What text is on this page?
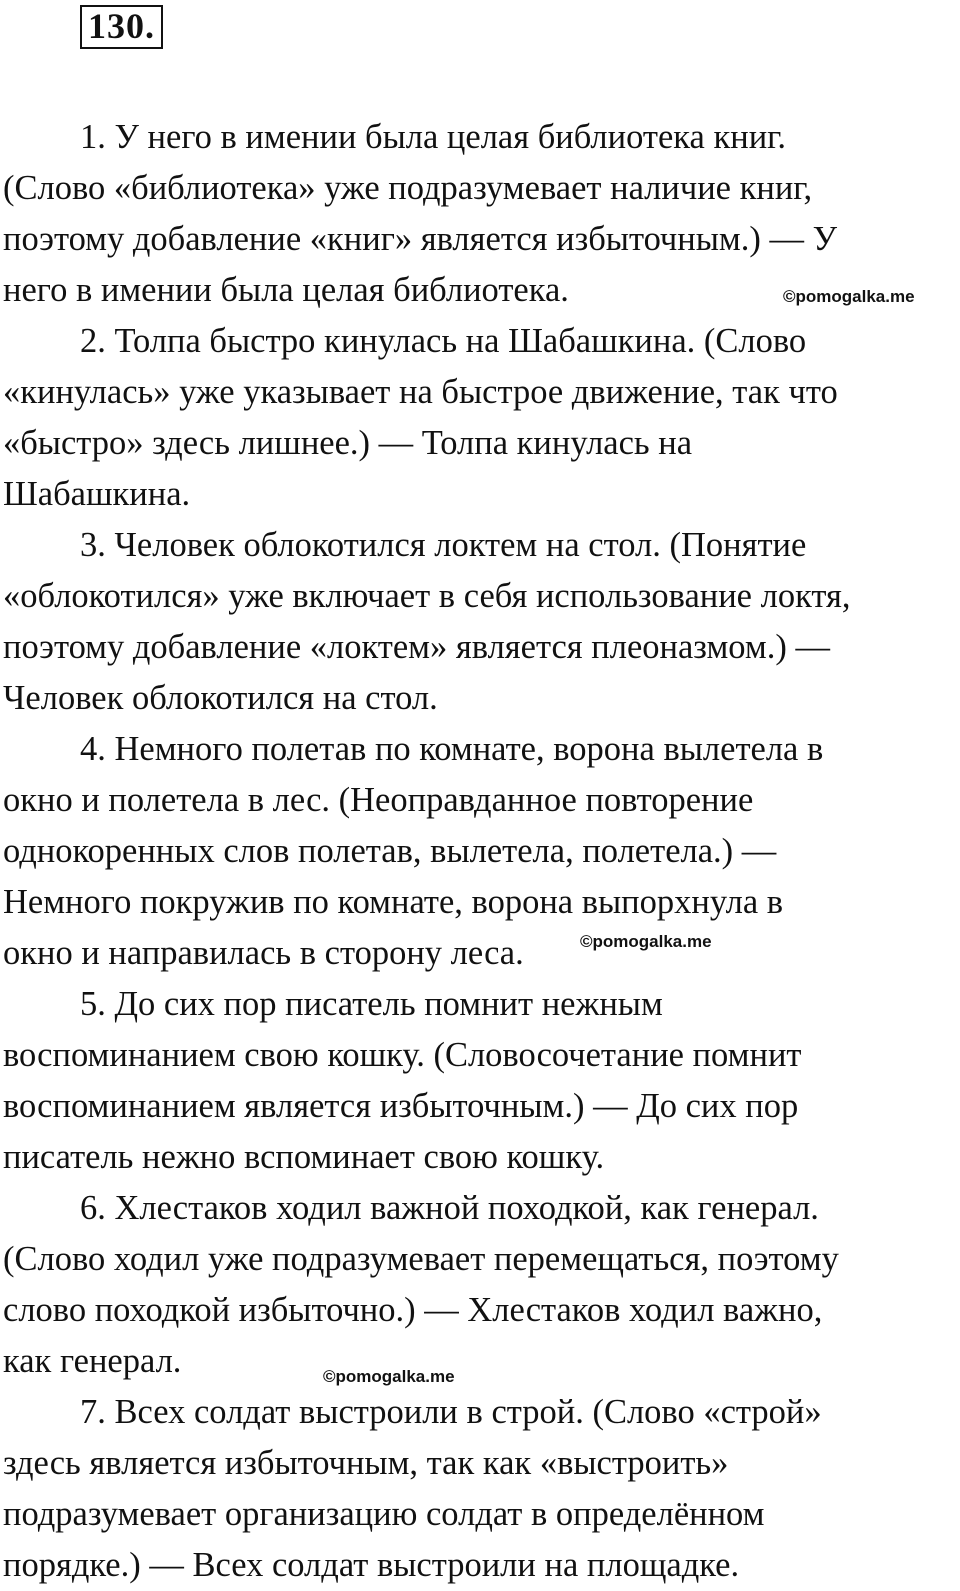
130.
1. У него в имении была целая библиотека книг.
(Слово «библиотека» уже подразумевает наличие книг,
поэтому добавление «книг» является избыточным.) — У
него в имении была целая библиотека.
2. Толпа быстро кинулась на Шабашкина. (Слово
«кинулась» уже указывает на быстрое движение, так что
«быстро» здесь лишнее.) — Толпа кинулась на
Шабашкина.
3. Человек облокотился локтем на стол. (Понятие
«облокотился» уже включает в себя использование локтя,
поэтому добавление «локтем» является плеоназмом.) —
Человек облокотился на стол.
4. Немного полетав по комнате, ворона вылетела в
окно и полетела в лес. (Неоправданное повторение
однокоренных слов полетав, вылетела, полетела.) —
Немного покружив по комнате, ворона выпорхнула в
окно и направилась в сторону леса.
5. До сих пор писатель помнит нежным
воспоминанием свою кошку. (Словосочетание помнит
воспоминанием является избыточным.) — До сих пор
писатель нежно вспоминает свою кошку.
6. Хлестаков ходил важной походкой, как генерал.
(Слово ходил уже подразумевает перемещаться, поэтому
слово походкой избыточно.) — Хлестаков ходил важно,
как генерал.
7. Всех солдат выстроили в строй. (Слово «строй»
здесь является избыточным, так как «выстроить»
подразумевает организацию солдат в определённом
порядке.) — Всех солдат выстроили на площадке.
©pomogalka.me
©pomogalka.me
©pomogalka.me
